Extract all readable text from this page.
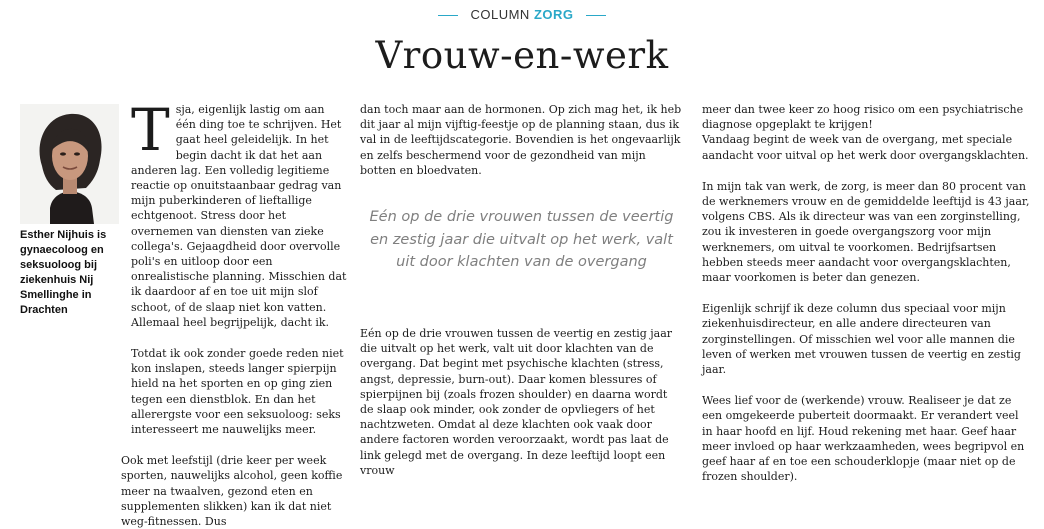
COLUMN ZORG
Vrouw-en-werk

Esther Nijhuis is gynaecoloog en seksuoloog bij ziekenhuis Nij Smellinghe in Drachten

Tsja, eigenlijk lastig om aan één ding toe te schrijven. Het gaat heel geleidelijk. In het begin dacht ik dat het aan anderen lag. Een volledig legitieme reactie op onuitstaanbaar gedrag van mijn puberkinderen of lieftallige echtgenoot. Stress door het overnemen van diensten van zieke collega's. Gejaagdheid door overvolle poli's en uitloop door een onrealistische planning. Misschien dat ik daardoor af en toe uit mijn slof schoot, of de slaap niet kon vatten. Allemaal heel begrijpelijk, dacht ik.

Totdat ik ook zonder goede reden niet kon inslapen, steeds langer spierpijn hield na het sporten en op ging zien tegen een dienstblok. En dan het allerergste voor een seksuoloog: seks interesseert me nauwelijks meer.

Ook met leefstijl (drie keer per week sporten, nauwelijks alcohol, geen koffie meer na twaalven, gezond eten en supplementen slikken) kan ik dat niet weg-fitnessen. Dus

dan toch maar aan de hormonen. Op zich mag het, ik heb dit jaar al mijn vijftig-feestje op de planning staan, dus ik val in de leeftijdscategorie. Bovendien is het ongevaarlijk en zelfs beschermend voor de gezondheid van mijn botten en bloedvaten.

Eén op de drie vrouwen tussen de veertig en zestig jaar die uitvalt op het werk, valt uit door klachten van de overgang

Eén op de drie vrouwen tussen de veertig en zestig jaar die uitvalt op het werk, valt uit door klachten van de overgang. Dat begint met psychische klachten (stress, angst, depressie, burn-out). Daar komen blessures of spierpijnen bij (zoals frozen shoulder) en daarna wordt de slaap ook minder, ook zonder de opvliegers of het nachtzweten. Omdat al deze klachten ook vaak door andere factoren worden veroorzaakt, wordt pas laat de link gelegd met de overgang. In deze leeftijd loopt een vrouw

meer dan twee keer zo hoog risico om een psychiatrische diagnose opgeplakt te krijgen!

Vandaag begint de week van de overgang, met speciale aandacht voor uitval op het werk door overgangsklachten.

In mijn tak van werk, de zorg, is meer dan 80 procent van de werknemers vrouw en de gemiddelde leeftijd is 43 jaar, volgens CBS. Als ik directeur was van een zorginstelling, zou ik investeren in goede overgangszorg voor mijn werknemers, om uitval te voorkomen. Bedrijfsartsen hebben steeds meer aandacht voor overgangsklachten, maar voorkomen is beter dan genezen.

Eigenlijk schrijf ik deze column dus speciaal voor mijn ziekenhuisdirecteur, en alle andere directeuren van zorginstellingen. Of misschien wel voor alle mannen die leven of werken met vrouwen tussen de veertig en zestig jaar.

Wees lief voor de (werkende) vrouw. Realiseer je dat ze een omgekeerde puberteit doormaakt. Er verandert veel in haar hoofd en lijf. Houd rekening met haar. Geef haar meer invloed op haar werkzaamheden, wees begripvol en geef haar af en toe een schouderklopje (maar niet op de frozen shoulder).
